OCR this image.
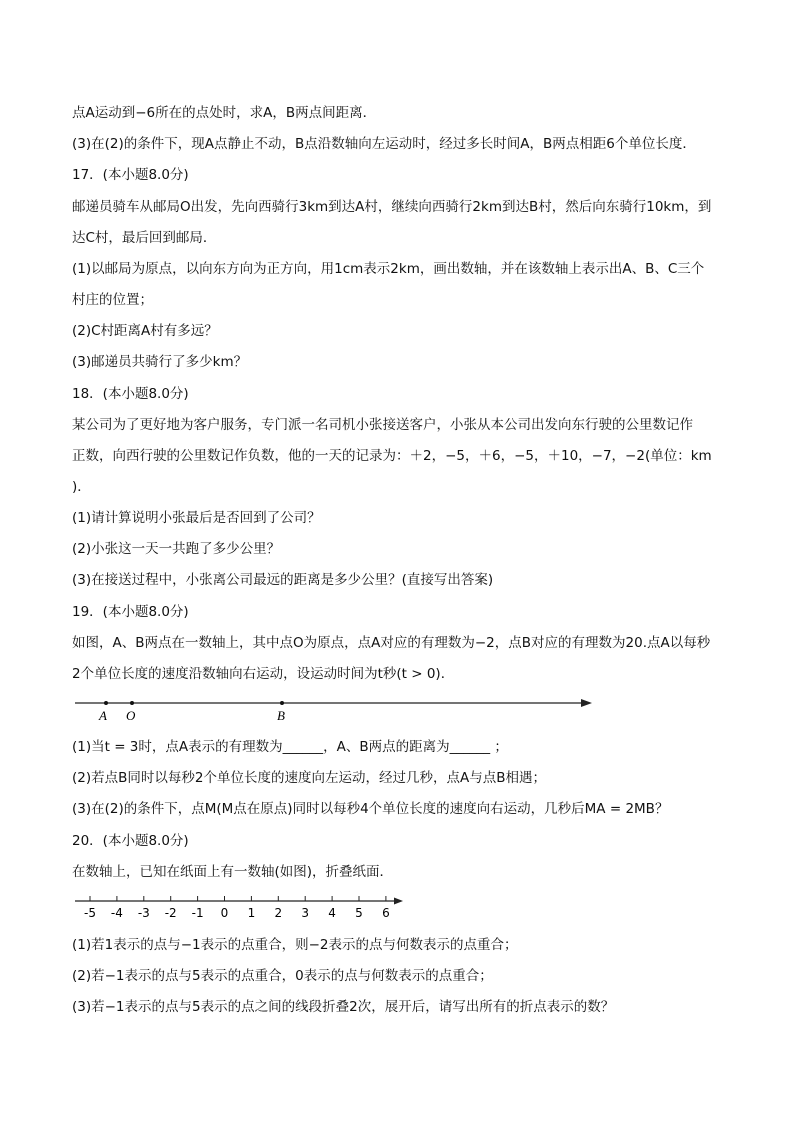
点A运动到−6所在的点处时，求A，B两点间距离．
(3)在(2)的条件下，现A点静止不动，B点沿数轴向左运动时，经过多长时间A，B两点相距6个单位长度．
17．(本小题8.0分)
邮递员骑车从邮局O出发，先向西骑行3km到达A村，继续向西骑行2km到达B村，然后向东骑行10km，到
达C村，最后回到邮局．
(1)以邮局为原点，以向东方向为正方向，用1cm表示2km，画出数轴，并在该数轴上表示出A、B、C三个
村庄的位置；
(2)C村距离A村有多远？
(3)邮递员共骑行了多少km？
18．(本小题8.0分)
某公司为了更好地为客户服务，专门派一名司机小张接送客户，小张从本公司出发向东行驶的公里数记作
正数，向西行驶的公里数记作负数，他的一天的记录为：＋2，−5，＋6，−5，＋10，−7，−2(单位：km
)．
(1)请计算说明小张最后是否回到了公司？
(2)小张这一天一共跑了多少公里？
(3)在接送过程中，小张离公司最远的距离是多少公里？(直接写出答案)
19．(本小题8.0分)
如图，A、B两点在一数轴上，其中点O为原点，点A对应的有理数为−2，点B对应的有理数为20.点A以每秒
2个单位长度的速度沿数轴向右运动，设运动时间为t秒(t > 0)．
A O	B
(1)当t = 3时，点A表示的有理数为______，A、B两点的距离为______ ；
(2)若点B同时以每秒2个单位长度的速度向左运动，经过几秒，点A与点B相遇；
(3)在(2)的条件下，点M(M点在原点)同时以每秒4个单位长度的速度向右运动，几秒后MA = 2MB？
20．(本小题8.0分)
在数轴上，已知在纸面上有一数轴(如图)，折叠纸面．
-5 -4 -3 -2 -1 0 1 2 3 4 5 6
(1)若1表示的点与−1表示的点重合，则−2表示的点与何数表示的点重合；
(2)若−1表示的点与5表示的点重合，0表示的点与何数表示的点重合；
(3)若−1表示的点与5表示的点之间的线段折叠2次，展开后，请写出所有的折点表示的数？
